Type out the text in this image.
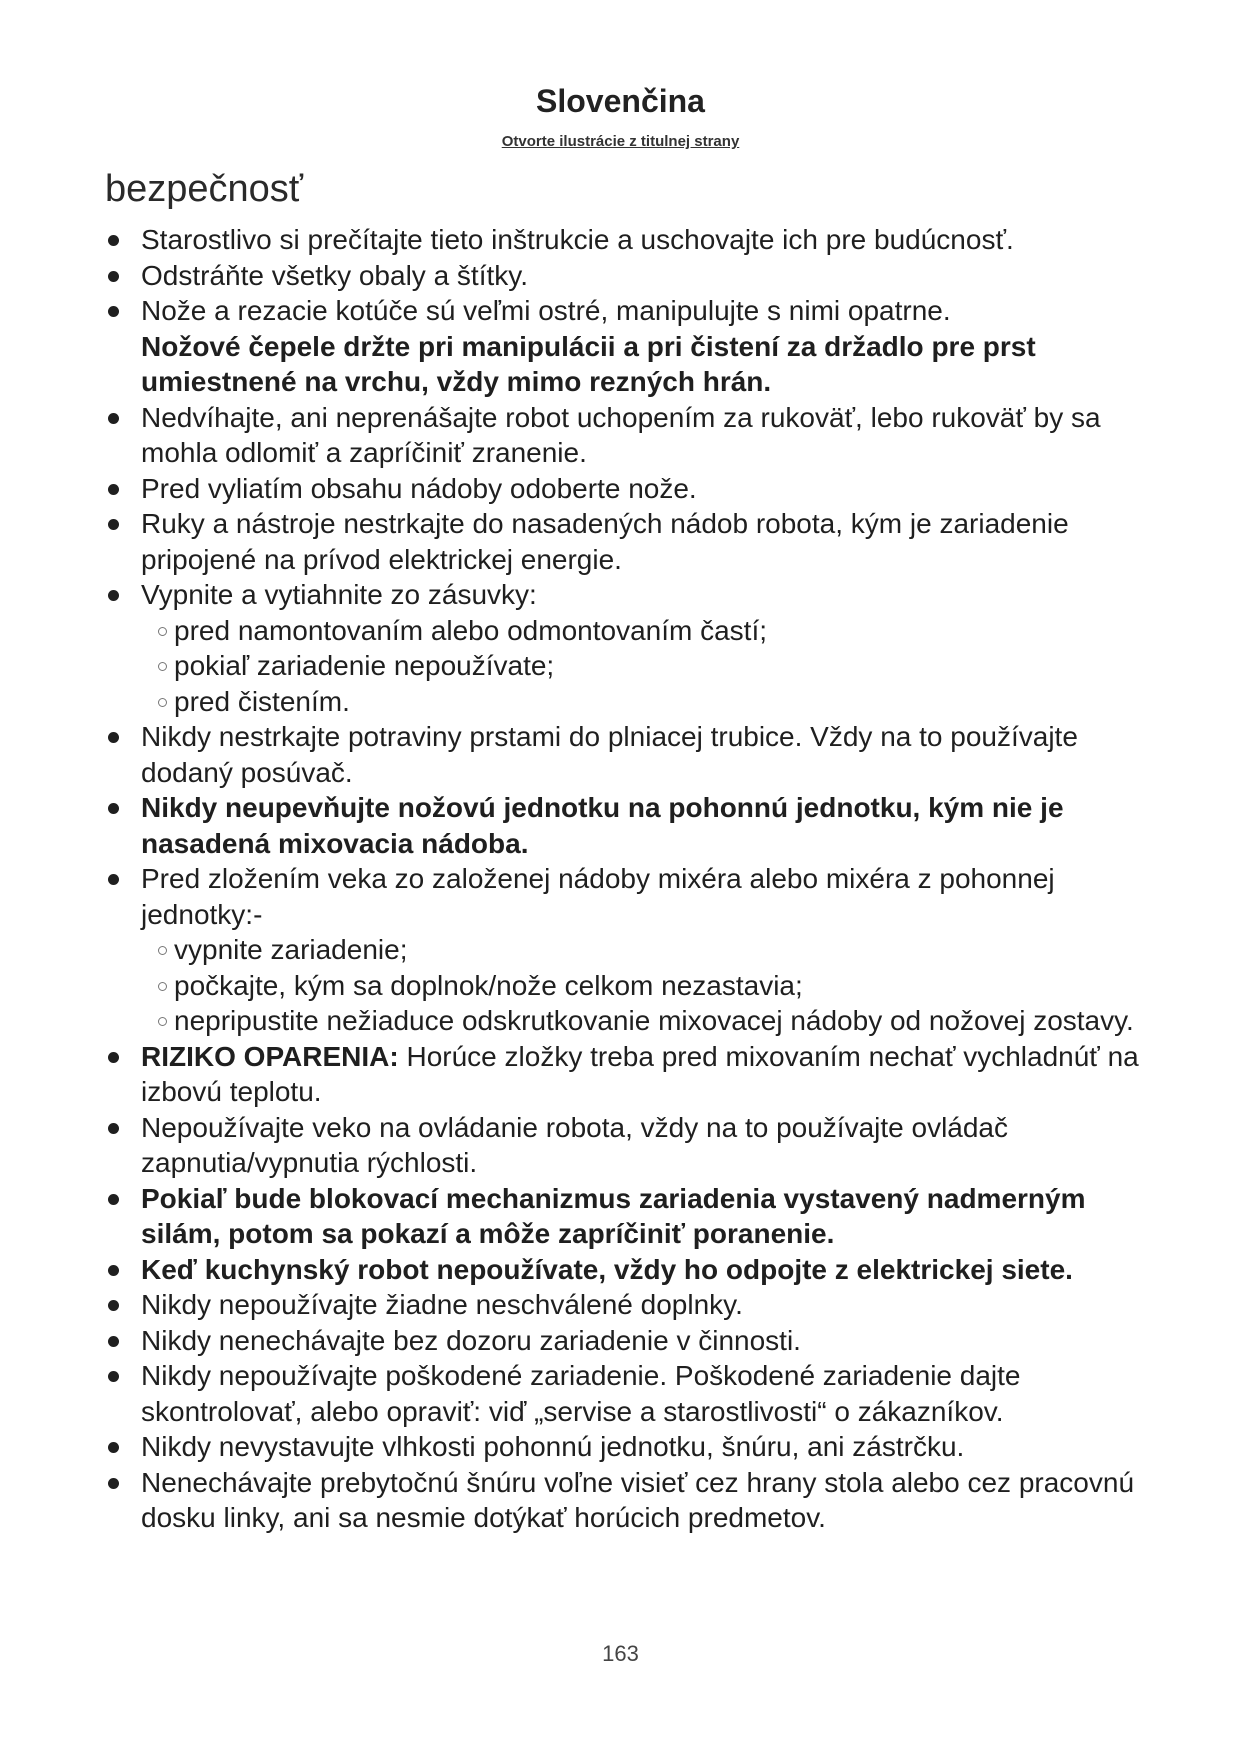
Slovenčina
Otvorte ilustrácie z titulnej strany
bezpečnosť
Starostlivo si prečítajte tieto inštrukcie a uschovajte ich pre budúcnosť.
Odstráňte všetky obaly a štítky.
Nože a rezacie kotúče sú veľmi ostré, manipulujte s nimi opatrne.
Nožové čepele držte pri manipulácii a pri čistení za držadlo pre prst umiestnené na vrchu, vždy mimo rezných hrán.
Nedvíhajte, ani neprenášajte robot uchopením za rukoväť, lebo rukoväť by sa mohla odlomiť a zapríčiniť zranenie.
Pred vyliatím obsahu nádoby odoberte nože.
Ruky a nástroje nestrkajte do nasadených nádob robota, kým je zariadenie pripojené na prívod elektrickej energie.
Vypnite a vytiahnite zo zásuvky:
pred namontovaním alebo odmontovaním častí;
pokiaľ zariadenie nepoužívate;
pred čistením.
Nikdy nestrkajte potraviny prstami do plniacej trubice. Vždy na to používajte dodaný posúvač.
Nikdy neupevňujte nožovú jednotku na pohonnú jednotku, kým nie je nasadená mixovacia nádoba.
Pred zložením veka zo založenej nádoby mixéra alebo mixéra z pohonnej jednotky:-
vypnite zariadenie;
počkajte, kým sa doplnok/nože celkom nezastavia;
nepripustite nežiaduce odskrutkovanie mixovacej nádoby od nožovej zostavy.
RIZIKO OPARENIA: Horúce zložky treba pred mixovaním nechať vychladnúť na izbovú teplotu.
Nepoužívajte veko na ovládanie robota, vždy na to používajte ovládač zapnutia/vypnutia rýchlosti.
Pokiaľ bude blokovací mechanizmus zariadenia vystavený nadmerným silám, potom sa pokazí a môže zapríčiniť poranenie.
Keď kuchynský robot nepoužívate, vždy ho odpojte z elektrickej siete.
Nikdy nepoužívajte žiadne neschválené doplnky.
Nikdy nenechávajte bez dozoru zariadenie v činnosti.
Nikdy nepoužívajte poškodené zariadenie. Poškodené zariadenie dajte skontrolovať, alebo opraviť: viď „servise a starostlivosti“ o zákazníkov.
Nikdy nevystavujte vlhkosti pohonnú jednotku, šnúru, ani zástrčku.
Nenechávajte prebytočnú šnúru voľne visieť cez hrany stola alebo cez pracovnú dosku linky, ani sa nesmie dotýkať horúcich predmetov.
163
